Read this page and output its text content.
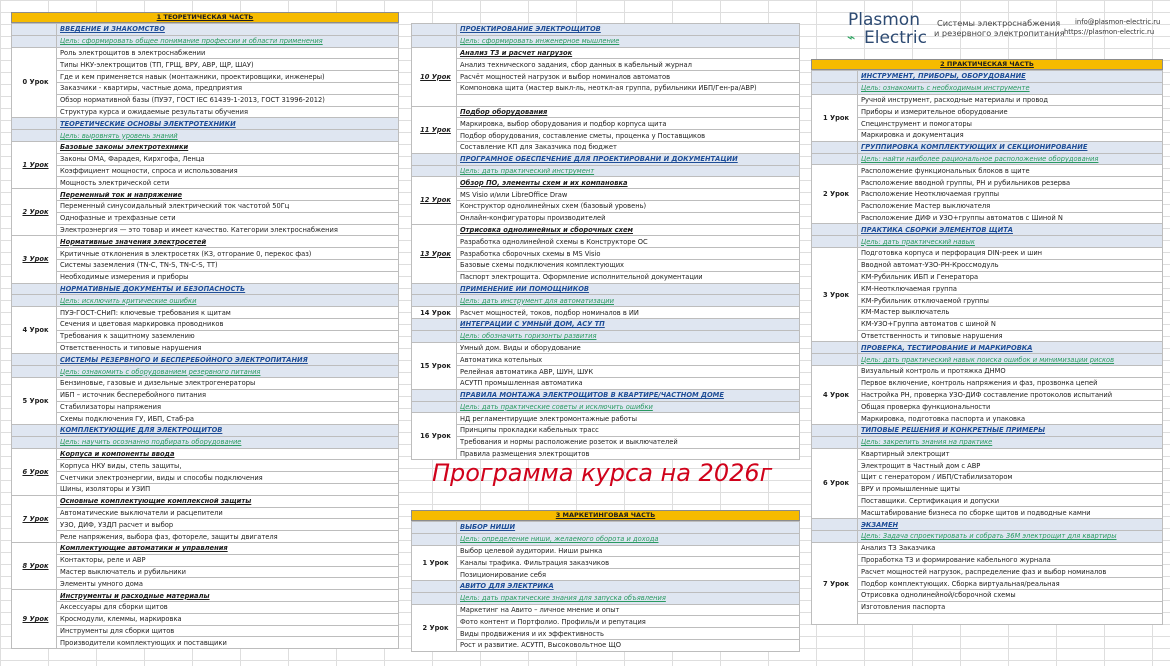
Plasmon
⌁ Electric
Системы электроснабжения
и резервного электропитания
info@plasmon-electric.ru
https://plasmon-electric.ru
1 ТЕОРЕТИЧЕСКАЯ ЧАСТЬ
	ВВЕДЕНИЕ И ЗНАКОМСТВО
	Цель: сформировать общее понимание профессии и области применения
0 Урок	Роль электрощитов в электроснабжении
	Типы НКУ-электрощитов (ТП, ГРЩ, ВРУ, АВР, ЩР, ШАУ)
	Где и кем применяется навык (монтажники, проектировщики, инженеры)
	Заказчики - квартиры, частные дома, предприятия
	Обзор нормативной базы (ПУЭ7, ГОСТ IEC 61439-1-2013, ГОСТ 31996-2012)
	Структура курса и ожидаемые результаты обучения
	ТЕОРЕТИЧЕСКИЕ ОСНОВЫ ЭЛЕКТРОТЕХНИКИ
	Цель: выровнять уровень знаний
1 Урок	Базовые законы электротехники
	Законы ОМА, Фарадея, Кирхгофа, Ленца
	Коэффициент мощности, спроса и использования
	Мощность электрической сети
2 Урок	Переменный ток и напряжение
	Переменный синусоидальный электрический ток частотой 50Гц
	Однофазные и трехфазные сети
	Электроэнергия — это товар и имеет качество. Категории электроснабжения
3 Урок	Нормативные значения электросетей
	Критичные отклонения в электросетях (КЗ, отгорание 0, перекос фаз)
	Системы заземления (TN-C, TN-S, TN-C-S, TT)
	Необходимые измерения и приборы
	НОРМАТИВНЫЕ ДОКУМЕНТЫ И БЕЗОПАСНОСТЬ
	Цель: исключить критические ошибки
4 Урок	ПУЭ-ГОСТ-СНиП: ключевые требования к щитам
	Сечения и цветовая маркировка проводников
	Требования к защитному заземлению
	Ответственность и типовые нарушения
	СИСТЕМЫ РЕЗЕРВНОГО И БЕСПЕРЕБОЙНОГО ЭЛЕКТРОПИТАНИЯ
	Цель: ознакомить с оборудованием резервного питания
5 Урок	Бензиновые, газовые и дизельные электрогенераторы
	ИБП – источник бесперебойного питания
	Стабилизаторы напряжения
	Схемы подключения ГУ, ИБП, Стаб-ра
	КОМПЛЕКТУЮЩИЕ ДЛЯ ЭЛЕКТРОЩИТОВ
	Цель: научить осознанно подбирать оборудование
6 Урок	Корпуса и компоненты ввода
	Корпуса НКУ виды, степь защиты,
	Счетчики электроэнергии, виды и способы подключения
	Шины, изоляторы и УЗИП
7 Урок	Основные комплектующие комплексной защиты
	Автоматические выключатели и расцепители
	УЗО, ДИФ, УЗДП расчет и выбор
	Реле напряжения, выбора фаз, фотореле, защиты двигателя
8 Урок	Комплектующие автоматики и управления
	Контакторы, реле и АВР
	Мастер выключатель и рубильники
	Элементы умного дома
9 Урок	Инструменты и расходные материалы
	Аксессуары для сборки щитов
	Кросмодули, клеммы, маркировка
	Инструменты для сборки щитов
	Производители комплектующих и поставщики
	ПРОЕКТИРОВАНИЕ ЭЛЕКТРОЩИТОВ
	Цель: сформировать инженерное мышление
10 Урок	Анализ ТЗ и расчет нагрузок
	Анализ технического задания, сбор данных в кабельный журнал
	Расчёт мощностей нагрузок и выбор номиналов автоматов
	Компоновка щита (мастер выкл-ль, неоткл-ая группа, рубильники ИБП/Ген-ра/АВР)

11 Урок	Подбор оборудования
	Маркировка, выбор оборудования и подбор корпуса щита
	Подбор оборудования, составление сметы, проценка у Поставщиков
	Составление КП для Заказчика под бюджет
	ПРОГРАМНОЕ ОБЕСПЕЧЕНИЕ ДЛЯ ПРОЕКТИРОВАНИ И ДОКУМЕНТАЦИИ
	Цель: дать практический инструмент
12 Урок	Обзор ПО, элементы схем и их компановка
	MS Visio и/или LibreOffice Draw
	Конструктор однолинейных схем (базовый уровень)
	Онлайн-конфигураторы производителей
13 Урок	Отрисовка однолинейных и сборочных схем
	Разработка однолинейной схемы в Конструкторе ОС
	Разработка сборочных схемы в MS Visio
	Базовые схемы подключения комплектующих
	Паспорт электрощита. Оформление исполнительной документации
	ПРИМЕНЕНИЕ ИИ ПОМОЩНИКОВ
	Цель: дать инструмент для автоматизации
14 Урок	Расчет мощностей, токов, подбор номиналов в ИИ
	ИНТЕГРАЦИИ С УМНЫЙ ДОМ, АСУ ТП
	Цель: обозначить горизонты развития
15 Урок	Умный дом. Виды и оборудование
	Автоматика котельных
	Релейная автоматика АВР, ШУН, ШУК
	АСУТП промышленная автоматика
	ПРАВИЛА МОНТАЖА ЭЛЕКТРОЩИТОВ В КВАРТИРЕ/ЧАСТНОМ ДОМЕ
	Цель: дать практические советы и исключить ошибки
16 Урок	НД регламентирущие электромонтажные работы
	Принципы прокладки кабельных трасс
	Требования и нормы расположение розеток и выключателей
	Правила размещения электрощитов
3 МАРКЕТИНГОВАЯ ЧАСТЬ
	ВЫБОР НИШИ
	Цель: определение ниши, желаемого оборота и дохода
1 Урок	Выбор целевой аудитории. Ниши рынка
	Каналы трафика. Фильтрация заказчиков
	Позиционирование себя
	АВИТО ДЛЯ ЭЛЕКТРИКА
	Цель: дать практические знания для запуска объявления
2 Урок	Маркетинг на Авито – личное мнение и опыт
	Фото контент и Портфолио. Профиль/и и репутация
	Виды продвижения и их эффективность
	Рост и развитие. АСУТП, Высоковольтное ЩО
2 ПРАКТИЧЕСКАЯ ЧАСТЬ
	ИНСТРУМЕНТ, ПРИБОРЫ, ОБОРУДОВАНИЕ
	Цель: ознакомить с необходимым инструменте
1 Урок	Ручной инструмент, расходные материалы и провод
	Приборы и измерительное оборудование
	Специнструмент и помогаторы
	Маркировка и документация
	ГРУППИРОВКА КОМПЛЕКТУЮЩИХ И СЕКЦИОНИРОВАНИЕ
	Цель: найти наиболее рациональное расположение оборудования
2 Урок	Расположение функциональных блоков в щите
	Расположение вводной группы, РН и рубильников резерва
	Расположение Неотключаемая группы
	Расположение Мастер выключателя
	Расположение ДИФ и УЗО+группы автоматов с Шиной N
	ПРАКТИКА СБОРКИ ЭЛЕМЕНТОВ ЩИТА
	Цель: дать практический навык
3 Урок	Подготовка корпуса и перфорация DIN-реек и шин
	Вводной автомат-УЗО-РН-Кроссмодуль
	КМ-Рубильник ИБП и Генератора
	КМ-Неотключаемая группа
	КМ-Рубильник отключаемой группы
	КМ-Мастер выключатель
	КМ-УЗО+Группа автоматов с шиной N
	Ответственность и типовые нарушения
	ПРОВЕРКА, ТЕСТИРОВАНИЕ И МАРКИРОВКА
	Цель: дать практический навык поиска ошибок и минимизации рисков
4 Урок	Визуальный контроль и протяжка ДНМО
	Первое включение, контроль напряжения и фаз, прозвонка цепей
	Настройка РН, проверка УЗО-ДИФ составление протоколов испытаний
	Общая проверка функциональности
	Маркировка, подготовка паспорта и упаковка
	ТИПОВЫЕ РЕШЕНИЯ И КОНКРЕТНЫЕ ПРИМЕРЫ
	Цель: закрепить знания на практике
6 Урок	Квартирный электрощит
	Электрощит в Частный дом с АВР
	Щит с генератором / ИБП/Стабилизатором
	ВРУ и промышленные щиты
	Поставщики. Сертификация и допуски
	Масштабирование бизнеса по сборке щитов и подводные камни
	ЭКЗАМЕН
	Цель: Задача спроектировать и собрать 36М электрощит для квартиры
7 Урок	Анализ ТЗ Заказчика
	Проработка ТЗ и формирование кабельного журнала
	Расчет мощностей нагрузок, распределение фаз и выбор номиналов
	Подбор комплектующих. Сборка виртуальная/реальная
	Отрисовка однолинейной/сборочной схемы
	Изготовления паспорта

Программа курса на 2026г
